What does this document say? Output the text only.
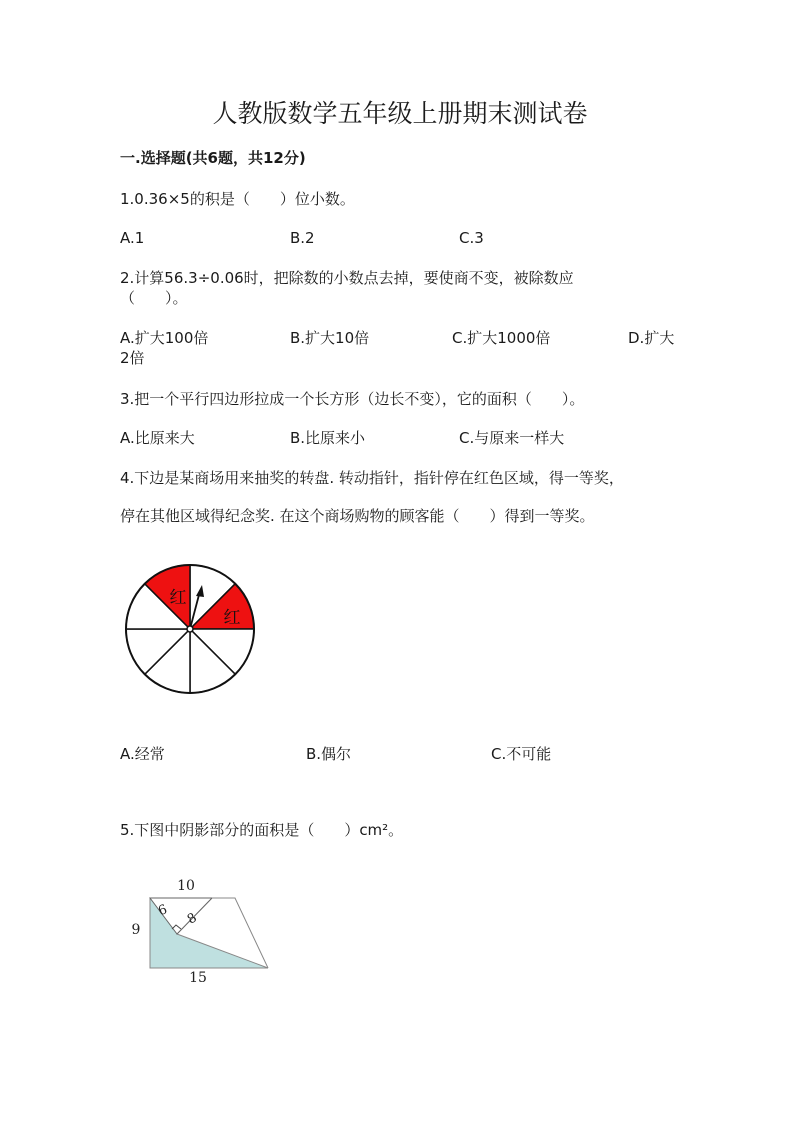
人教版数学五年级上册期末测试卷
一.选择题(共6题，共12分)
1.0.36×5的积是（　　）位小数。
A.1	B.2	C.3
2.计算56.3÷0.06时，把除数的小数点去掉，要使商不变，被除数应
（　　）。
A.扩大100倍	B.扩大10倍	C.扩大1000倍	D.扩大
2倍
3.把一个平行四边形拉成一个长方形（边长不变），它的面积（　　）。
A.比原来大	B.比原来小	C.与原来一样大
4.下边是某商场用来抽奖的转盘. 转动指针，指针停在红色区域，得一等奖，
停在其他区域得纪念奖. 在这个商场购物的顾客能（　　）得到一等奖。
红
红
A.经常	B.偶尔	C.不可能
5.下图中阴影部分的面积是（　　）cm²。
10
9
15
6 8
